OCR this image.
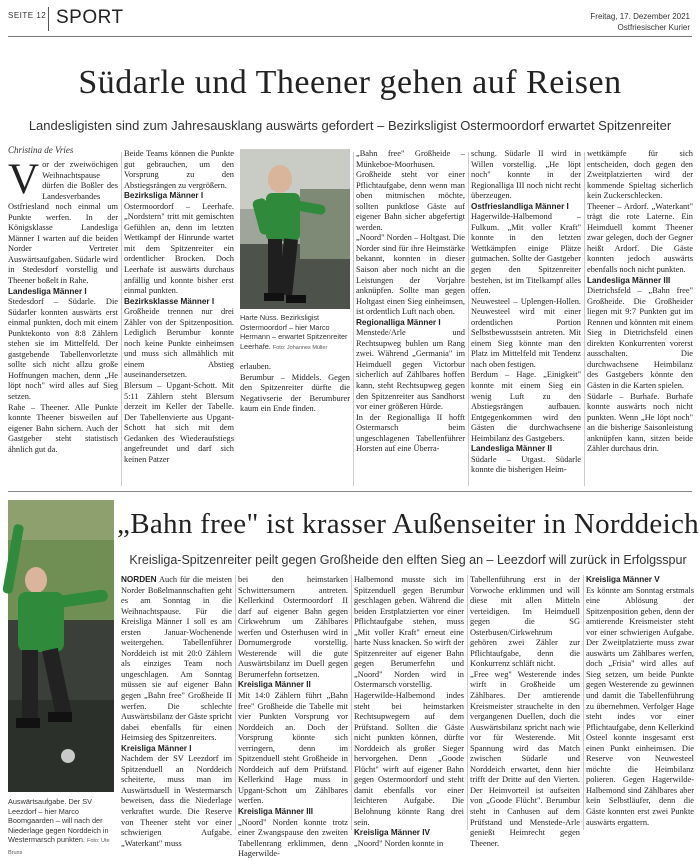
SEITE 12 SPORT	Freitag, 17. Dezember 2021
Ostfriesischer Kurier
Südarle und Theener gehen auf Reisen
Landesligisten sind zum Jahresausklang auswärts gefordert – Bezirksligist Ostermoordorf erwartet Spitzenreiter
Christina de Vries
V or der zweiwöchigen Weihnachtspause dürfen die Boßler des Landesverbandes Ostfriesland noch einmal um Punkte werfen. In der Königsklasse Landesliga Männer I warten auf die beiden Norder Vertreter Auswärtsaufgaben. Südarle wird in Stedesdorf vorstellig und Theener boßelt in Rahe.

Landesliga Männer I

Stedesdorf – Südarle. Die Südarler konnten auswärts erst einmal punkten, doch mit einem Punktekonto von 8:8 Zählern stehen sie im Mittelfeld. Der gastgebende Tabellenvorletzte sollte sich nicht allzu große Hoffnungen machen, denn „He löpt noch" wird alles auf Sieg setzen.

Rahe – Theener. Alle Punkte konnte Theener bisweilen auf eigener Bahn sichern. Auch der Gastgeber steht statistisch ähnlich gut da.

Beide Teams können die Punkte gut gebrauchen, um den Vorsprung zu den Abstiegsrängen zu vergrößern.

Bezirksliga Männer I

Ostermoordorf – Leerhafe. „Nordstern" tritt mit gemischten Gefühlen an, denn im letzten Wettkampf der Hinrunde wartet mit dem Spitzenreiter ein ordentlicher Brocken. Doch Leerhafe ist auswärts durchaus anfällig und konnte bisher erst einmal punkten.

Bezirksklasse Männer I

Großheide trennen nur drei Zähler von der Spitzenposition. Lediglich Berumbur konnte noch keine Punkte einheimsen und muss sich allmählich mit einem Abstieg auseinandersetzen.

Blersum – Upgant-Schott. Mit 5:11 Zählern steht Blersum derzeit im Keller der Tabelle. Der Tabellenvierte aus Upgant-Schott hat sich mit dem Gedanken des Wiederaufstiegs angefreundet und darf sich keinen Patzer

Harte Nuss. Bezirksligist Ostermoordorf – hier Marco Hermann – erwartet Spitzenreiter Leerhafe. Foto: Johannes Müller

erlauben.

Berumbur – Middels. Gegen den Spitzenreiter dürfte die Negativserie der Berumburer kaum ein Ende finden.

„Bahn free" Großheide – Münkeboe-Moorhusen. Großheide steht vor einer Pflichtaufgabe, denn wenn man oben mitmischen möchte, sollten punktlose Gäste auf eigener Bahn sicher abgefertigt werden.

„Noord" Norden – Holtgast. Die Norder sind für ihre Heimstärke bekannt, konnten in dieser Saison aber noch nicht an die Leistungen der Vorjahre anknüpfen. Sollte man gegen Holtgast einen Sieg einheimsen, ist ordentlich Luft nach oben.

Regionalliga Männer I

Menstede/Arle und Rechtsupweg buhlen um Rang zwei. Während „Germania" im Heimduell gegen Victorbur sicherlich auf Zählbares hoffen kann, steht Rechtsupweg gegen den Spitzenreiter aus Sandhorst vor einer größeren Hürde.

In der Regionalliga II hofft Ostermarsch beim ungeschlagenen Tabellenführer Horsten auf eine Überra-

schung. Südarle II wird in Willen vorstellig. „He löpt noch" konnte in der Regionalliga III noch nicht recht überzeugen.

Ostfrieslandliga Männer I

Hagerwilde-Halbemond – Fulkum. „Mit voller Kraft" konnte in den letzten Wettkämpfen einige Plätze gutmachen. Sollte der Gastgeber gegen den Spitzenreiter bestehen, ist im Titelkampf alles offen.

Neuwesteel – Uplengen-Hollen. Neuwesteel wird mit einer ordentlichen Portion Selbstbewusstsein antreten. Mit einem Sieg könnte man den Platz im Mittelfeld mit Tendenz nach oben festigen.

Berdum – Hage. „Einigkeit" konnte mit einem Sieg ein wenig Luft zu den Abstiegsrängen aufbauen. Entgegenkommen wird den Gästen die durchwachsene Heimbilanz des Gastgebers.

Landesliga Männer II

Südarle – Utgast. Südarle konnte die bisherigen Heim-

wettkämpfe für sich entscheiden, doch gegen den Zweitplatzierten wird der kommende Spieltag sicherlich kein Zuckerschlecken.

Theener – Ardorf. „Waterkant" trägt die rote Laterne. Ein Heimduell kommt Theener zwar gelegen, doch der Gegner heißt Ardorf. Die Gäste konnten jedoch auswärts ebenfalls noch nicht punkten.

Landesliga Männer III

Dietrichsfeld – „Bahn free" Großheide. Die Großheider liegen mit 9:7 Punkten gut im Rennen und könnten mit einem Sieg in Dietrichsfeld einen direkten Konkurrenten vorerst ausschalten. Die durchwachsene Heimbilanz des Gastgebers könnte den Gästen in die Karten spielen.

Südarle – Burhafe. Burhafe konnte auswärts noch nicht punkten. Wenn „He löpt noch" an die bisherige Saisonleistung anknüpfen kann, sitzen beide Zähler durchaus drin.

Auswärtsaufgabe. Der SV Leezdorf – hier Marco Boomgaarden – will nach der Niederlage gegen Norddeich in Westermarsch punkten. Foto: Ute Bruns
„Bahn free" ist krasser Außenseiter in Norddeich
Kreisliga-Spitzenreiter peilt gegen Großheide den elften Sieg an – Leezdorf will zurück in Erfolgsspur

NORDEN Auch für die meisten Norder Boßelmannschaften geht es am Sonntag in die Weihnachtspause. Für die Kreisliga Männer I soll es am ersten Januar-Wochenende weitergehen. Tabellenführer Norddeich ist mit 20:0 Zählern als einziges Team noch ungeschlagen. Am Sonntag müssen sie auf eigener Bahn gegen „Bahn free" Großheide II werfen. Die schlechte Auswärtsbilanz der Gäste spricht dabei ebenfalls für einen Heimsieg des Spitzenreiters.

Kreisliga Männer I

Nachdem der SV Leezdorf im Spitzenduell an Norddeich scheiterte, muss man im Auswärtsduell in Westermarsch beweisen, dass die Niederlage verkraftet wurde. Die Reserve von Theener steht vor einer schwierigen Aufgabe. „Waterkant" muss

bei den heimstarken Schwittersumern antreten. Kellerkind Ostermoordorf II darf auf eigener Bahn gegen Cirkwehrum um Zählbares werfen und Osterhusen wird in Dornumergrode vorstellig. Westerende will die gute Auswärtsbilanz im Duell gegen Berumerfehn fortsetzen.

Kreisliga Männer II

Mit 14:0 Zählern führt „Bahn free" Großheide die Tabelle mit vier Punkten Vorsprung vor Norddeich an. Doch der Vorsprung könnte sich verringern, denn im Spitzenduell steht Großheide in Norddeich auf dem Prüfstand. Kellerkind Hage muss in Upgant-Schott um Zählbares werfen.

Kreisliga Männer III

„Noord" Norden konnte trotz einer Zwangspause den zweiten Tabellenrang erklimmen, denn Hagerwilde-

Halbemond musste sich im Spitzenduell gegen Berumbur geschlagen geben. Während die beiden Erstplatzierten vor einer Pflichtaufgabe stehen, muss „Mit voller Kraft" erneut eine harte Nuss knacken. So wirft der Spitzenreiter auf eigener Bahn gegen Berumerfehn und „Noord" Norden wird in Ostermarsch vorstellig.

Hagerwilde-Halbemond indes steht bei heimstarken Rechtsupwegern auf dem Prüfstand. Sollten die Gäste nicht punkten können, dürfte Norddeich als großer Sieger hervorgehen. Denn „Goode Flücht" wirft auf eigener Bahn gegen Ostermoordorf und steht damit ebenfalls vor einer leichteren Aufgabe. Die Belohnung könnte Rang drei sein.

Kreisliga Männer IV

„Noord" Norden konnte in

Tabellenführung erst in der Vorwoche erklimmen und will diese mit allen Mitteln verteidigen. Im Heimduell gegen die SG Osterbusen/Cirkwehrum gehören zwei Zähler zur Pflichtaufgabe, denn die Konkurrenz schläft nicht.

„Free weg" Westerende indes wirft in Großheide um Zählbares. Der amtierende Kreismeister strauchelte in den vergangenen Duellen, doch die Auswärtsbilanz spricht nach wie vor für Westerende. Mit Spannung wird das Match zwischen Südarle und Norddeich erwartet, denn hier trifft der Dritte auf den Vierten. Der Heimvorteil ist aufseiten von „Goode Flücht". Berumbur steht in Canhusen auf dem Prüfstand und Menstede-Arle genießt Heimrecht gegen Theener.

Kreisliga Männer V

Es könnte am Sonntag erstmals eine Ablösung der Spitzenposition geben, denn der amtierende Kreismeister steht vor einer schwierigen Aufgabe. Der Zweitplatzierte muss zwar auswärts um Zählbares werfen, doch „Frisia" wird alles auf Sieg setzen, um beide Punkte gegen Westerende zu gewinnen und damit die Tabellenführung zu übernehmen. Verfolger Hage steht indes vor einer Pflichtaufgabe, denn Kellerkind Osteel konnte insgesamt erst einen Punkt einheimsen. Die Reserve von Neuwesteel möchte die Heimbilanz polieren. Gegen Hagerwilde-Halbemond sind Zählbares aber kein Selbstläufer, denn die Gäste konnten erst zwei Punkte auswärts ergattern.
